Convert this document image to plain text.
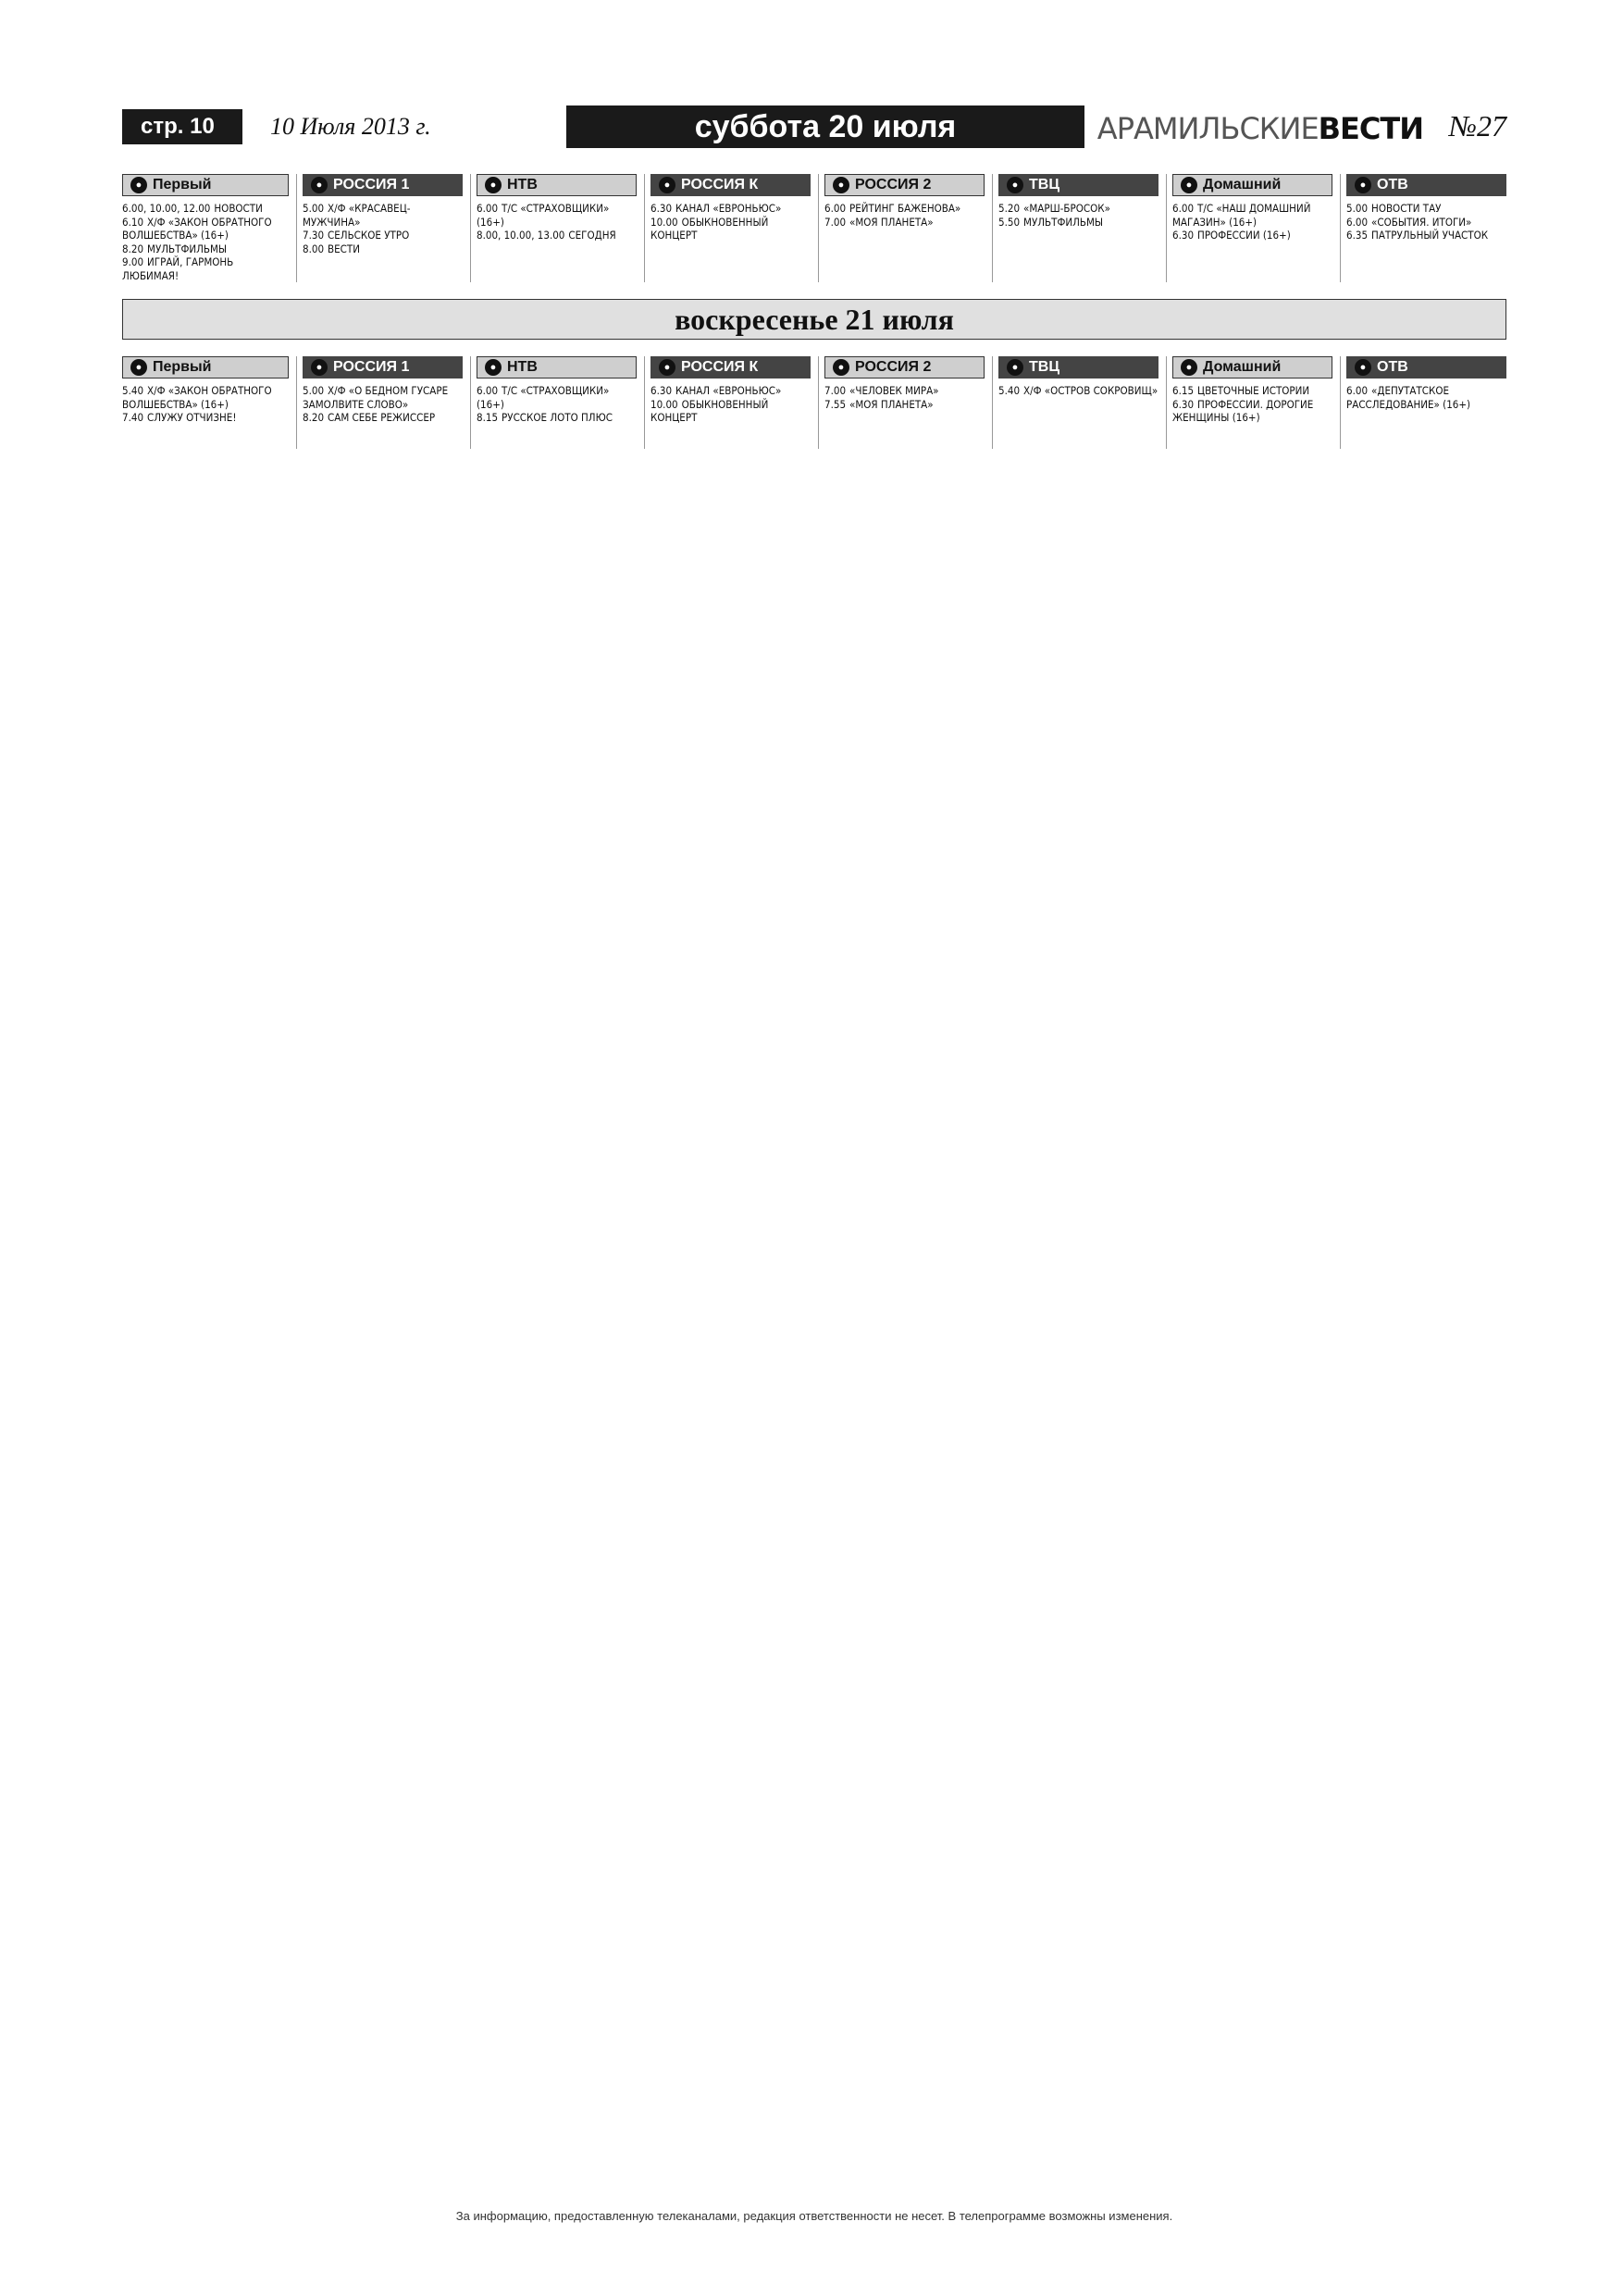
стр. 10	10 Июля 2013 г.	суббота 20 июля	АРАМИЛЬСКИЕВЕСТИ №27
● Первый
6.00, 10.00, 12.00 НОВОСТИ
6.10 Х/Ф «ЗАКОН ОБРАТНОГО ВОЛШЕБСТВА» (16+)
8.20 МУЛЬТФИЛЬМЫ
9.00 ИГРАЙ, ГАРМОНЬ ЛЮБИМАЯ!
● РОССИЯ 1
5.00 Х/Ф «КРАСАВЕЦ-МУЖЧИНА»
7.30 СЕЛЬСКОЕ УТРО
8.00 ВЕСТИ
● НТВ
6.00 Т/С «СТРАХОВЩИКИ» (16+)
8.00, 10.00, 13.00 СЕГОДНЯ
● РОССИЯ К
6.30 КАНАЛ «ЕВРОНЬЮС»
10.00 ОБЫКНОВЕННЫЙ КОНЦЕРТ
● РОССИЯ 2
6.00 РЕЙТИНГ БАЖЕНОВА»
7.00 «МОЯ ПЛАНЕТА»
● ТВЦ
5.20 «МАРШ-БРОСОК»
5.50 МУЛЬТФИЛЬМЫ
● Домашний
6.00 Т/С «НАШ ДОМАШНИЙ МАГАЗИН» (16+)
6.30 ПРОФЕССИИ (16+)
● ОТВ
5.00 НОВОСТИ ТАУ
6.00 «СОБЫТИЯ. ИТОГИ»
6.35 ПАТРУЛЬНЫЙ УЧАСТОК
воскресенье 21 июля
● Первый
5.40 Х/Ф «ЗАКОН ОБРАТНОГО ВОЛШЕБСТВА» (16+)
7.40 СЛУЖУ ОТЧИЗНЕ!
● РОССИЯ 1
5.00 Х/Ф «О БЕДНОМ ГУСАРЕ ЗАМОЛВИТЕ СЛОВО»
8.20 САМ СЕБЕ РЕЖИССЕР
● НТВ
6.00 Т/С «СТРАХОВЩИКИ» (16+)
8.15 РУССКОЕ ЛОТО ПЛЮС
● РОССИЯ К
6.30 КАНАЛ «ЕВРОНЬЮС»
10.00 ОБЫКНОВЕННЫЙ КОНЦЕРТ
● РОССИЯ 2
7.00 «ЧЕЛОВЕК МИРА»
7.55 «МОЯ ПЛАНЕТА»
● ТВЦ
5.40 Х/Ф «ОСТРОВ СОКРОВИЩ»
● Домашний
6.15 ЦВЕТОЧНЫЕ ИСТОРИИ
6.30 ПРОФЕССИИ. ДОРОГИЕ ЖЕНЩИНЫ (16+)
● ОТВ
6.00 «ДЕПУТАТСКОЕ РАССЛЕДОВАНИЕ» (16+)
За информацию, предоставленную телеканалами, редакция ответственности не несет. В телепрограмме возможны изменения.
